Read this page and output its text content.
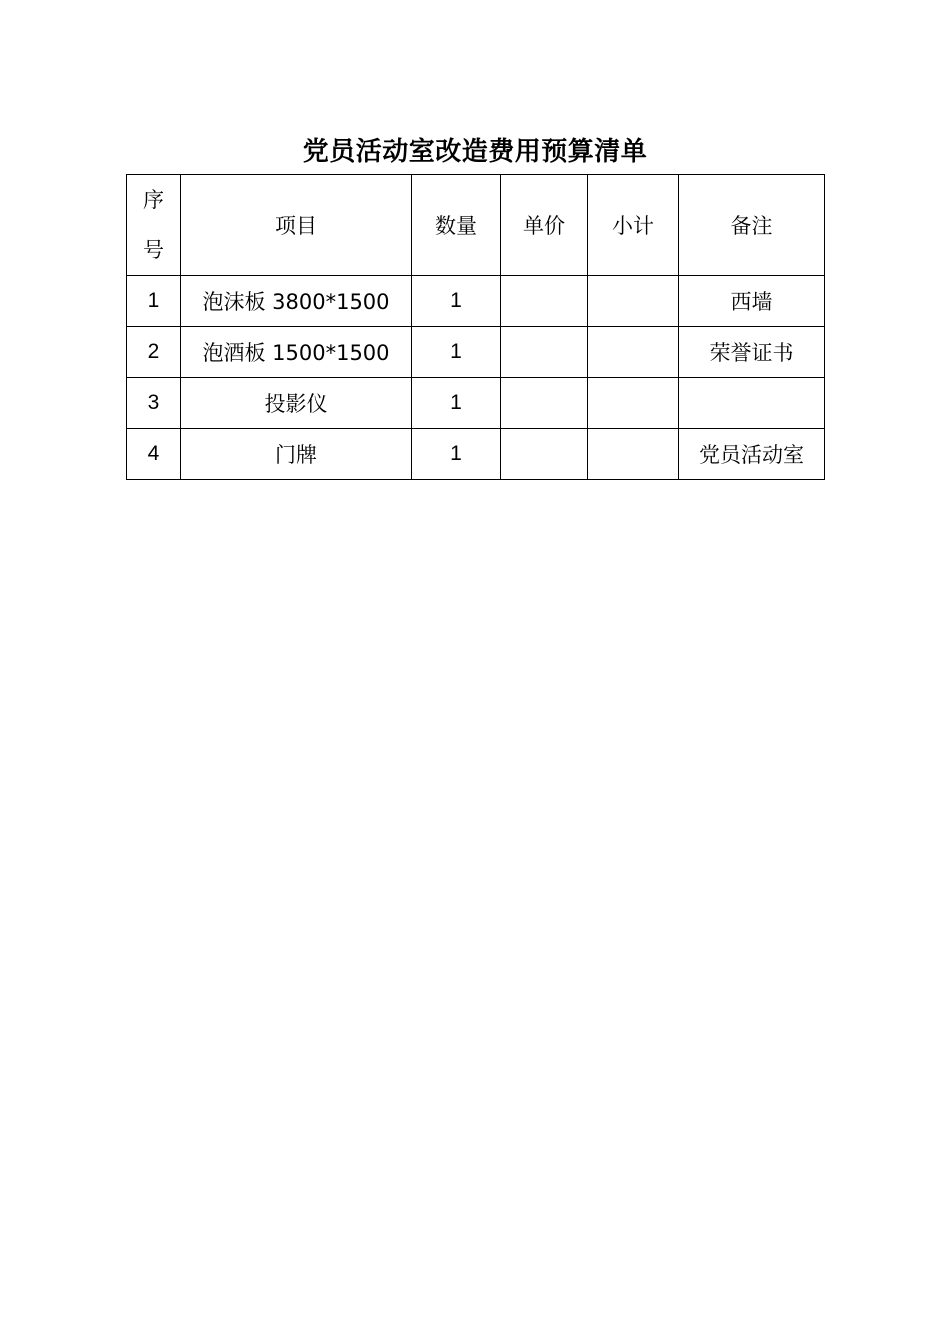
党员活动室改造费用预算清单
序
号	项目	数量	单价	小计	备注
1	泡沫板 3800*1500	1			西墙
2	泡酒板 1500*1500	1			荣誉证书
3	投影仪	1			
4	门牌	1			党员活动室
